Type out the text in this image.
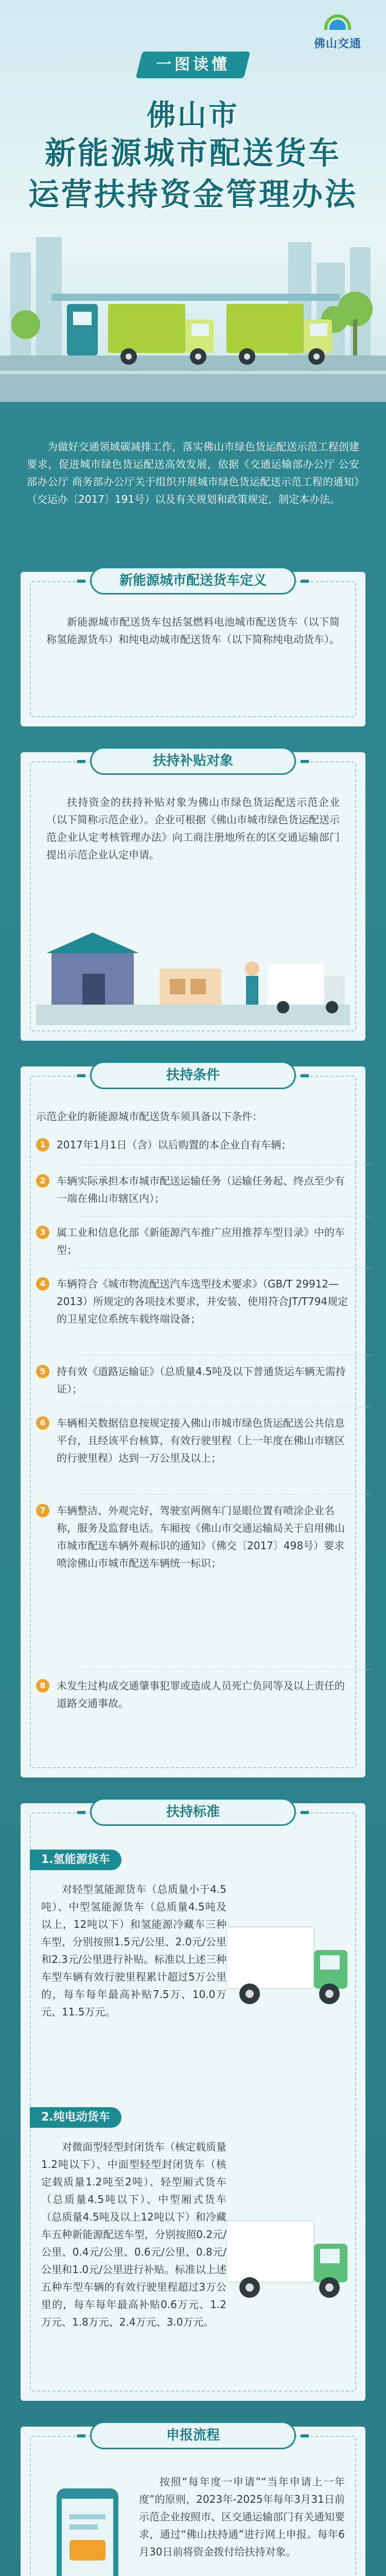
佛山交通
一图读懂
佛山市
新能源城市配送货车
运营扶持资金管理办法

为做好交通领域碳减排工作，落实佛山市绿色货运配送示范工程创建要求，促进城市绿色货运配送高效发展，依据《交通运输部办公厅 公安部办公厅 商务部办公厅关于组织开展城市绿色货运配送示范工程的通知》（交运办〔2017〕191号）以及有关规划和政策规定，制定本办法。

新能源城市配送货车定义

新能源城市配送货车包括氢燃料电池城市配送货车（以下简称氢能源货车）和纯电动城市配送货车（以下简称纯电动货车）。

扶持补贴对象

扶持资金的扶持补贴对象为佛山市绿色货运配送示范企业（以下简称示范企业）。企业可根据《佛山市城市绿色货运配送示范企业认定考核管理办法》向工商注册地所在的区交通运输部门提出示范企业认定申请。

扶持条件

示范企业的新能源城市配送货车须具备以下条件：

1	2017年1月1日（含）以后购置的本企业自有车辆；

2	车辆实际承担本市城市配送运输任务（运输任务起、终点至少有一端在佛山市辖区内）；

3	属工业和信息化部《新能源汽车推广应用推荐车型目录》中的车型；

4	车辆符合《城市物流配送汽车选型技术要求》（GB/T 29912—2013）所规定的各项技术要求，并安装、使用符合JT/T794规定的卫星定位系统车载终端设备；

5	持有效《道路运输证》（总质量4.5吨及以下普通货运车辆无需持证）；

6	车辆相关数据信息按规定接入佛山市城市绿色货运配送公共信息平台，且经该平台核算，有效行驶里程（上一年度在佛山市辖区的行驶里程）达到一万公里及以上；

7	车辆整洁、外观完好，驾驶室两侧车门显眼位置有喷涂企业名称，服务及监督电话。车厢按《佛山市交通运输局关于启用佛山市城市配送车辆外观标识的通知》（佛交〔2017〕498号）要求喷涂佛山市城市配送车辆统一标识；

8	未发生过构成交通肇事犯罪或造成人员死亡负同等及以上责任的道路交通事故。

扶持标准
1.氢能源货车

对轻型氢能源货车（总质量小于4.5吨）、中型氢能源货车（总质量4.5吨及以上，12吨以下）和氢能源冷藏车三种车型，分别按照1.5元/公里、2.0元/公里和2.3元/公里进行补贴。标准以上述三种车型车辆有效行驶里程累计超过5万公里的，每车每年最高补贴7.5万、10.0万元、11.5万元。

2.纯电动货车

对微面型轻型封闭货车（核定载质量1.2吨以下）、中面型轻型封闭货车（核定载质量1.2吨至2吨）、轻型厢式货车（总质量4.5吨以下）、中型厢式货车（总质量4.5吨及以上12吨以下）和冷藏车五种新能源配送车型，分别按照0.2元/公里、0.4元/公里、0.6元/公里、0.8元/公里和1.0元/公里进行补贴。标准以上述五种车型车辆的有效行驶里程超过3万公里的，每车每年最高补贴0.6万元、1.2万元、1.8万元、2.4万元、3.0万元。

申报流程

按照“每年度一申请”“当年申请上一年度”的原则，2023年-2025年每年3月31日前示范企业按照市、区交通运输部门有关通知要求，通过“佛山扶持通”进行网上申报。每年6月30日前将资金拨付给扶持对象。
